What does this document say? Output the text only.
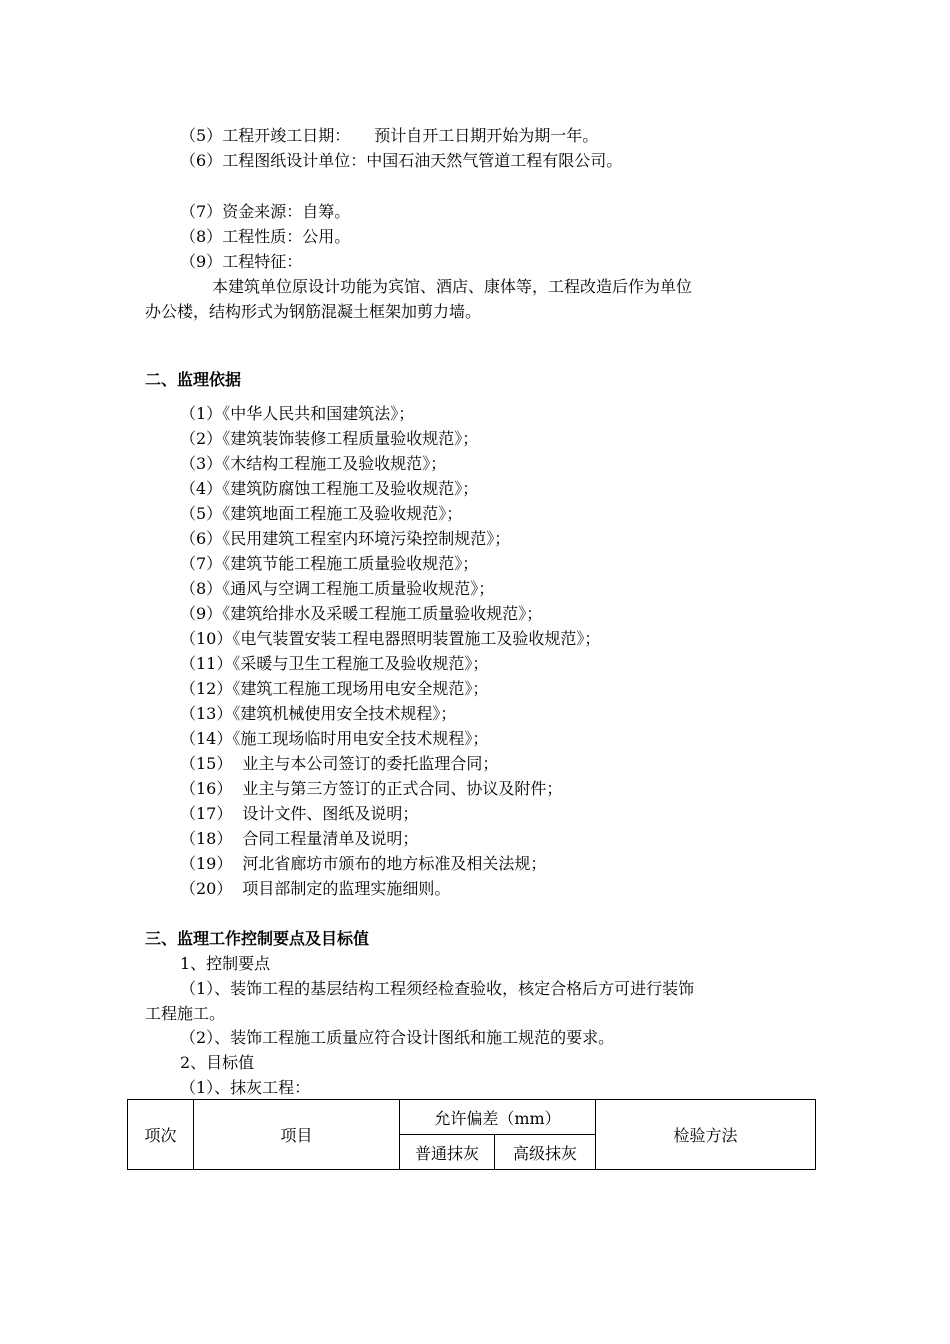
（5）工程开竣工日期： 预计自开工日期开始为期一年。
（6）工程图纸设计单位：中国石油天然气管道工程有限公司。
（7）资金来源：自筹。
（8）工程性质：公用。
（9）工程特征：
本建筑单位原设计功能为宾馆、酒店、康体等，工程改造后作为单位
办公楼，结构形式为钢筋混凝土框架加剪力墙。
二、监理依据
（1）《中华人民共和国建筑法》；
（2）《建筑装饰装修工程质量验收规范》；
（3）《木结构工程施工及验收规范》；
（4）《建筑防腐蚀工程施工及验收规范》；
（5）《建筑地面工程施工及验收规范》；
（6）《民用建筑工程室内环境污染控制规范》；
（7）《建筑节能工程施工质量验收规范》；
（8）《通风与空调工程施工质量验收规范》；
（9）《建筑给排水及采暖工程施工质量验收规范》；
（10）《电气装置安装工程电器照明装置施工及验收规范》；
（11）《采暖与卫生工程施工及验收规范》；
（12）《建筑工程施工现场用电安全规范》；
（13）《建筑机械使用安全技术规程》；
（14）《施工现场临时用电安全技术规程》；
（15） 业主与本公司签订的委托监理合同；
（16） 业主与第三方签订的正式合同、协议及附件；
（17） 设计文件、图纸及说明；
（18） 合同工程量清单及说明；
（19） 河北省廊坊市颁布的地方标准及相关法规；
（20） 项目部制定的监理实施细则。
三、监理工作控制要点及目标值
1、控制要点
（1）、装饰工程的基层结构工程须经检查验收，核定合格后方可进行装饰
工程施工。
（2）、装饰工程施工质量应符合设计图纸和施工规范的要求。
2、目标值
（1）、抹灰工程：
项次	项目	允许偏差（mm）		检验方法
		普通抹灰	高级抹灰	
